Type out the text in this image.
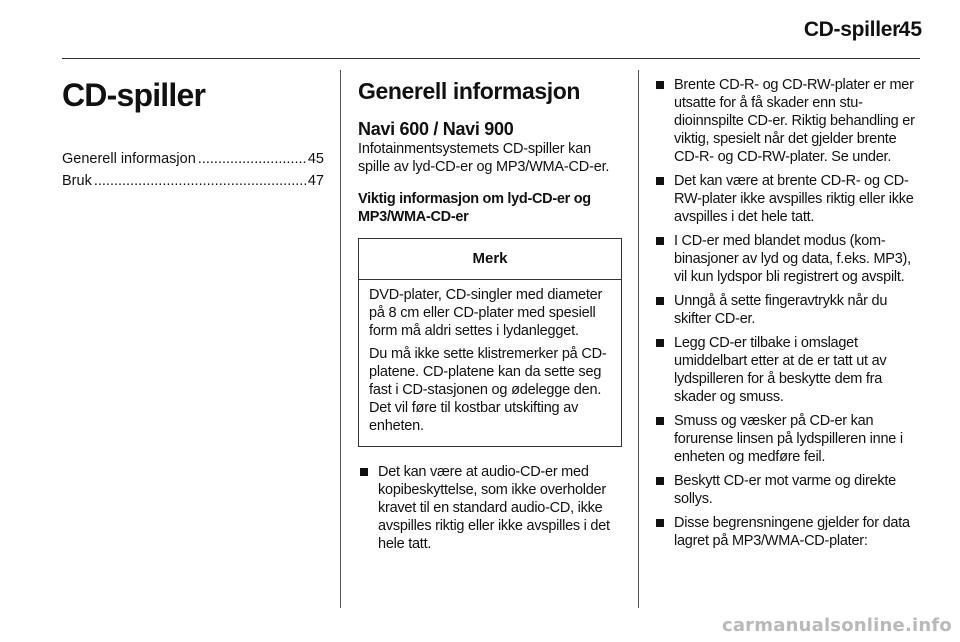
CD-spiller
45
CD-spiller
Generell informasjon .....	45
Bruk .....	47
Generell informasjon
Navi 600 / Navi 900

Infotainmentsystemets CD-spiller kan spille av lyd-CD-er og MP3/WMA-CD-er.

Viktig informasjon om lyd-CD-er og MP3/WMA-CD-er

Merk

DVD-plater, CD-singler med diameter på 8 cm eller CD-plater med spesiell form må aldri settes i lydanlegget.

Du må ikke sette klistremerker på CD-platene. CD-platene kan da sette seg fast i CD-stasjonen og ødelegge den. Det vil føre til kostbar utskifting av enheten.

Det kan være at audio-CD-er med kopibeskyttelse, som ikke overholder kravet til en standard audio-CD, ikke avspilles riktig eller ikke avspilles i det hele tatt.
Brente CD-R- og CD-RW-plater er mer utsatte for å få skader enn studioinnspilte CD-er. Riktig behandling er viktig, spesielt når det gjelder brente CD-R- og CD-RW-plater. Se under.
Det kan være at brente CD-R- og CD-RW-plater ikke avspilles riktig eller ikke avspilles i det hele tatt.
I CD-er med blandet modus (kombinasjoner av lyd og data, f.eks. MP3), vil kun lydspor bli registrert og avspilt.
Unngå å sette fingeravtrykk når du skifter CD-er.
Legg CD-er tilbake i omslaget umiddelbart etter at de er tatt ut av lydspilleren for å beskytte dem fra skader og smuss.
Smuss og væsker på CD-er kan forurense linsen på lydspilleren inne i enheten og medføre feil.
Beskytt CD-er mot varme og direkte sollys.
Disse begrensningene gjelder for data lagret på MP3/WMA-CD-plater:
carmanualsonline.info
